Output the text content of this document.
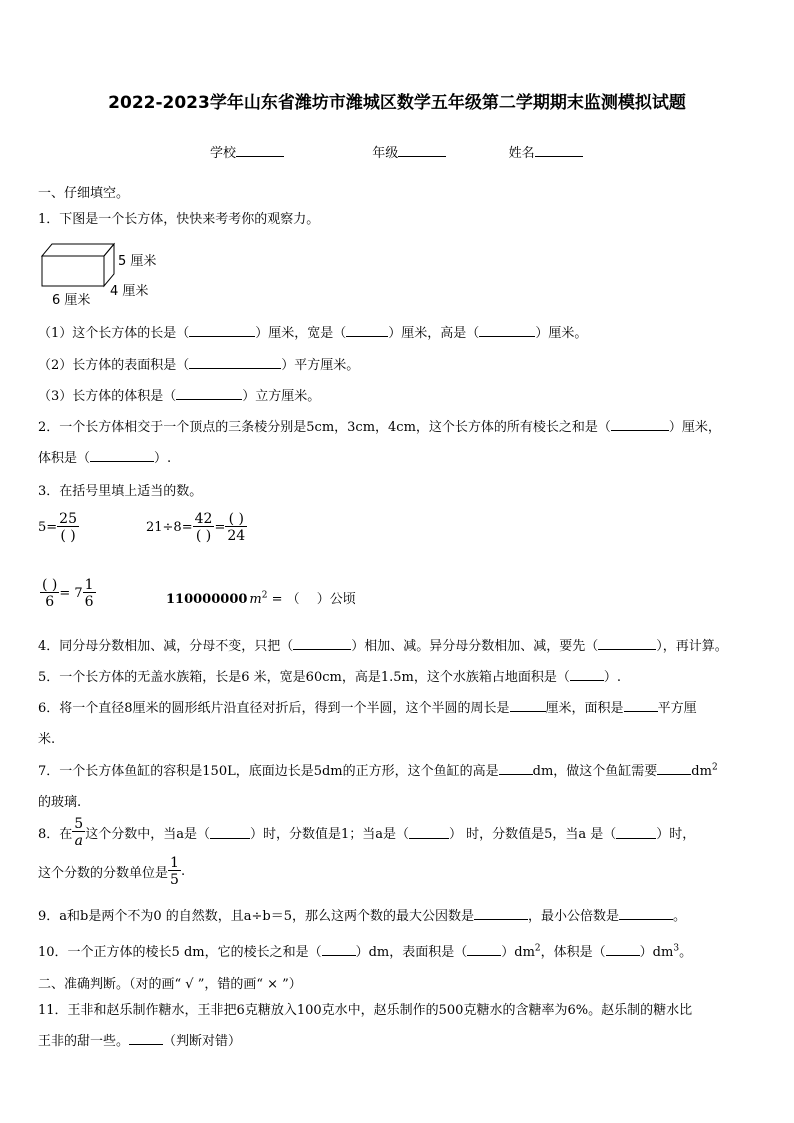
2022-2023学年山东省潍坊市潍城区数学五年级第二学期期末监测模拟试题
学校	年级	姓名
一、仔细填空。
1．下图是一个长方体，快快来考考你的观察力。
5 厘米
4 厘米
6 厘米
（1）这个长方体的长是（	）厘米，宽是（	）厘米，高是（	）厘米。
（2）长方体的表面积是（	）平方厘米。
（3）长方体的体积是（	）立方厘米。
2．一个长方体相交于一个顶点的三条棱分别是5cm，3cm，4cm，这个长方体的所有棱长之和是（	）厘米，
体积是（	）.
3．在括号里填上适当的数。
$5= \frac{25}{( )}$	$21\div 8= \frac{42}{( )} = \frac{( )}{24}$
$\frac{( )}{6} = 7 \frac{1}{6}$	110000000 $m^2$ = （　 ）公顷
4．同分母分数相加、减，分母不变，只把（	）相加、减。异分母分数相加、减，要先（	），再计算。
5．一个长方体的无盖水族箱，长是6 米，宽是60cm，高是1.5m，这个水族箱占地面积是（	）.
6．将一个直径8厘米的圆形纸片沿直径对折后，得到一个半圆，这个半圆的周长是	厘米，面积是	平方厘
米.
7．一个长方体鱼缸的容积是150L，底面边长是5dm的正方形，这个鱼缸的高是	dm，做这个鱼缸需要	$dm^2$
的玻璃.
8．在 $\frac{5}{a}$ 这个分数中，当a是（	）时，分数值是1；当a是（	） 时，分数值是5，当a 是（	）时，
这个分数的分数单位是 $\frac{1}{5}$ .
9．a和b是两个不为0 的自然数，且a÷b＝5，那么这两个数的最大公因数是	，最小公倍数是	。
10．一个正方体的棱长5 dm，它的棱长之和是（	）dm，表面积是（	）$dm^2$，体积是（	）$dm^3$。
二、准确判断。（对的画“ √ ”，错的画“ × ”）
11．王非和赵乐制作糖水，王非把6克糖放入100克水中，赵乐制作的500克糖水的含糖率为6%。赵乐制的糖水比
王非的甜一些。	（判断对错）
